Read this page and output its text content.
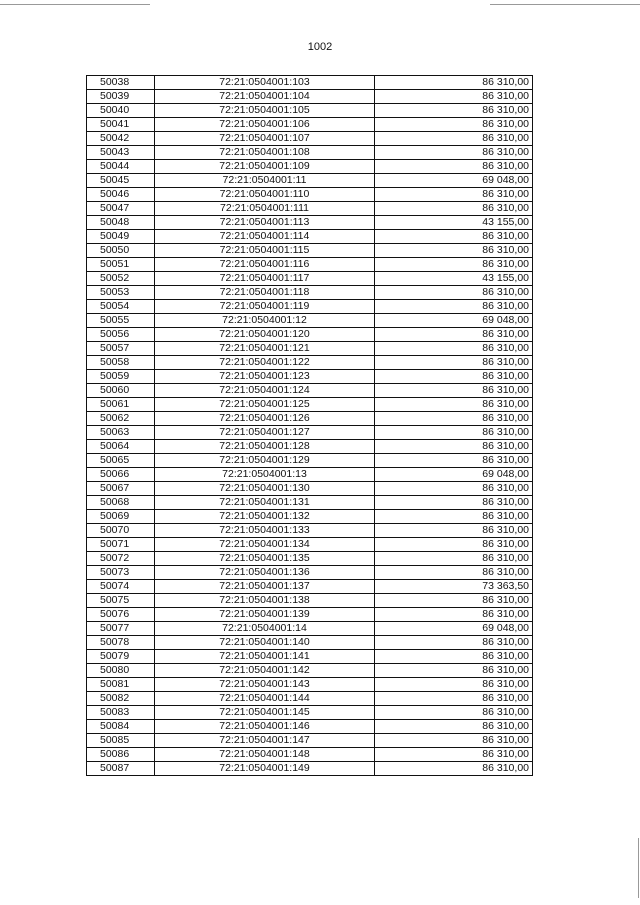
1002
50038	72:21:0504001:103	86 310,00
50039	72:21:0504001:104	86 310,00
50040	72:21:0504001:105	86 310,00
50041	72:21:0504001:106	86 310,00
50042	72:21:0504001:107	86 310,00
50043	72:21:0504001:108	86 310,00
50044	72:21:0504001:109	86 310,00
50045	72:21:0504001:11	69 048,00
50046	72:21:0504001:110	86 310,00
50047	72:21:0504001:111	86 310,00
50048	72:21:0504001:113	43 155,00
50049	72:21:0504001:114	86 310,00
50050	72:21:0504001:115	86 310,00
50051	72:21:0504001:116	86 310,00
50052	72:21:0504001:117	43 155,00
50053	72:21:0504001:118	86 310,00
50054	72:21:0504001:119	86 310,00
50055	72:21:0504001:12	69 048,00
50056	72:21:0504001:120	86 310,00
50057	72:21:0504001:121	86 310,00
50058	72:21:0504001:122	86 310,00
50059	72:21:0504001:123	86 310,00
50060	72:21:0504001:124	86 310,00
50061	72:21:0504001:125	86 310,00
50062	72:21:0504001:126	86 310,00
50063	72:21:0504001:127	86 310,00
50064	72:21:0504001:128	86 310,00
50065	72:21:0504001:129	86 310,00
50066	72:21:0504001:13	69 048,00
50067	72:21:0504001:130	86 310,00
50068	72:21:0504001:131	86 310,00
50069	72:21:0504001:132	86 310,00
50070	72:21:0504001:133	86 310,00
50071	72:21:0504001:134	86 310,00
50072	72:21:0504001:135	86 310,00
50073	72:21:0504001:136	86 310,00
50074	72:21:0504001:137	73 363,50
50075	72:21:0504001:138	86 310,00
50076	72:21:0504001:139	86 310,00
50077	72:21:0504001:14	69 048,00
50078	72:21:0504001:140	86 310,00
50079	72:21:0504001:141	86 310,00
50080	72:21:0504001:142	86 310,00
50081	72:21:0504001:143	86 310,00
50082	72:21:0504001:144	86 310,00
50083	72:21:0504001:145	86 310,00
50084	72:21:0504001:146	86 310,00
50085	72:21:0504001:147	86 310,00
50086	72:21:0504001:148	86 310,00
50087	72:21:0504001:149	86 310,00
